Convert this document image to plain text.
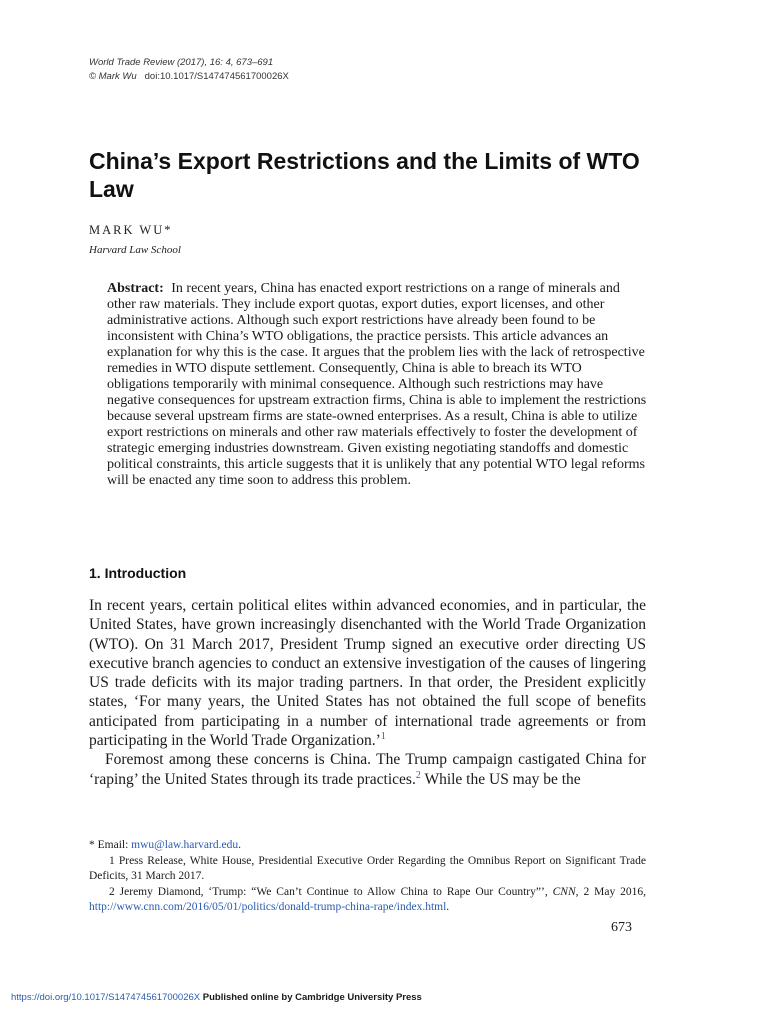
World Trade Review (2017), 16: 4, 673–691
© Mark Wu doi:10.1017/S147474561700026X
China’s Export Restrictions and the Limits of WTO Law
MARK WU*
Harvard Law School

Abstract: In recent years, China has enacted export restrictions on a range of minerals and other raw materials. They include export quotas, export duties, export licenses, and other administrative actions. Although such export restrictions have already been found to be inconsistent with China’s WTO obligations, the practice persists. This article advances an explanation for why this is the case. It argues that the problem lies with the lack of retrospective remedies in WTO dispute settlement. Consequently, China is able to breach its WTO obligations temporarily with minimal consequence. Although such restrictions may have negative consequences for upstream extraction firms, China is able to implement the restrictions because several upstream firms are state-owned enterprises. As a result, China is able to utilize export restrictions on minerals and other raw materials effectively to foster the development of strategic emerging industries downstream. Given existing negotiating standoffs and domestic political constraints, this article suggests that it is unlikely that any potential WTO legal reforms will be enacted any time soon to address this problem.

1. Introduction

In recent years, certain political elites within advanced economies, and in particular, the United States, have grown increasingly disenchanted with the World Trade Organization (WTO). On 31 March 2017, President Trump signed an executive order directing US executive branch agencies to conduct an extensive investigation of the causes of lingering US trade deficits with its major trading partners. In that order, the President explicitly states, ‘For many years, the United States has not obtained the full scope of benefits anticipated from participating in a number of international trade agreements or from participating in the World Trade Organization.’$^1$

Foremost among these concerns is China. The Trump campaign castigated China for ‘raping’ the United States through its trade practices.$^2$ While the US may be the

* Email: mwu@law.harvard.edu.

1 Press Release, White House, Presidential Executive Order Regarding the Omnibus Report on Significant Trade Deficits, 31 March 2017.

2 Jeremy Diamond, ‘Trump: “We Can’t Continue to Allow China to Rape Our Country”’, CNN, 2 May 2016, http://www.cnn.com/2016/05/01/politics/donald-trump-china-rape/index.html.

673
https://doi.org/10.1017/S147474561700026X Published online by Cambridge University Press
